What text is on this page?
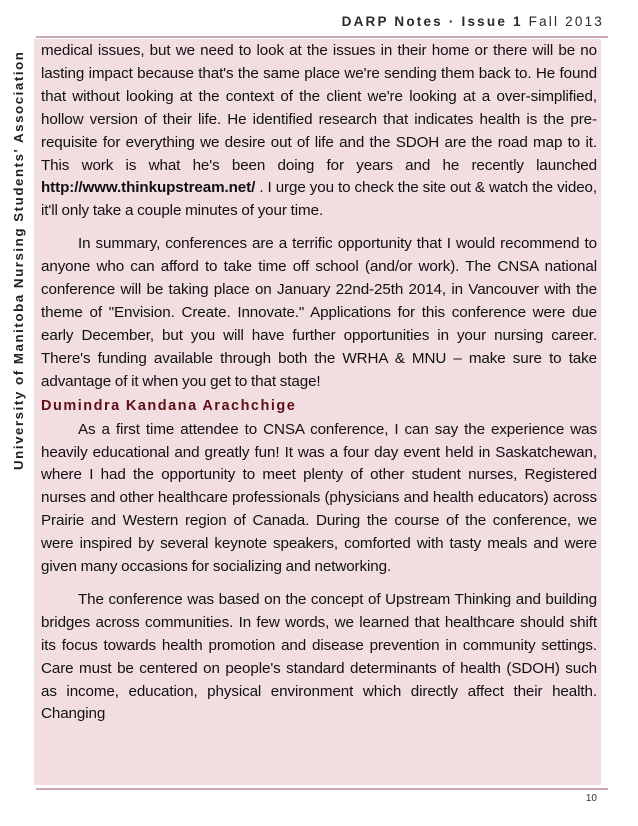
DARP Notes · Issue 1 Fall 2013
University of Manitoba Nursing Students' Association

medical issues, but we need to look at the issues in their home or there will be no lasting impact because that's the same place we're sending them back to. He found that without looking at the context of the client we're looking at a over-simplified, hollow version of their life. He identified research that indicates health is the pre-requisite for everything we desire out of life and the SDOH are the road map to it. This work is what he's been doing for years and he recently launched http://www.thinkupstream.net/ . I urge you to check the site out & watch the video, it'll only take a couple minutes of your time.

In summary, conferences are a terrific opportunity that I would recommend to anyone who can afford to take time off school (and/or work). The CNSA national conference will be taking place on January 22nd-25th 2014, in Vancouver with the theme of "Envision. Create. Innovate." Applications for this conference were due early December, but you will have further opportunities in your nursing career. There's funding available through both the WRHA & MNU – make sure to take advantage of it when you get to that stage!

Dumindra Kandana Arachchige

As a first time attendee to CNSA conference, I can say the experience was heavily educational and greatly fun! It was a four day event held in Saskatchewan, where I had the opportunity to meet plenty of other student nurses, Registered nurses and other healthcare professionals (physicians and health educators) across Prairie and Western region of Canada. During the course of the conference, we were inspired by several keynote speakers, comforted with tasty meals and were given many occasions for socializing and networking.

The conference was based on the concept of Upstream Thinking and building bridges across communities. In few words, we learned that healthcare should shift its focus towards health promotion and disease prevention in community settings. Care must be centered on people's standard determinants of health (SDOH) such as income, education, physical environment which directly affect their health. Changing

10
